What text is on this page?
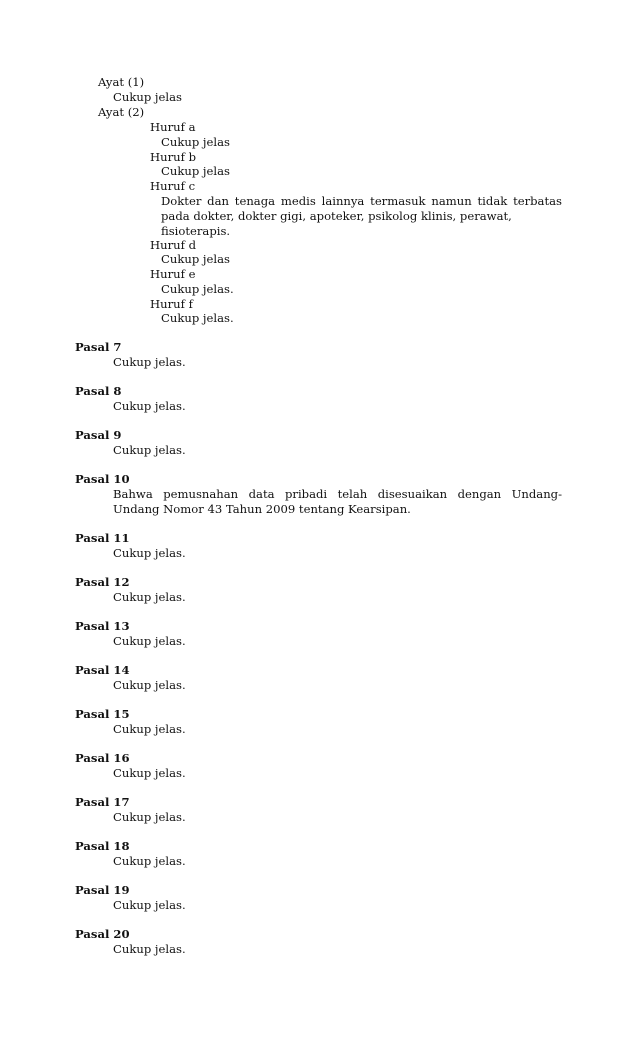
Ayat (1)
Cukup jelas
Ayat (2)
Huruf a
Cukup jelas
Huruf b
Cukup jelas
Huruf c
Dokter dan tenaga medis lainnya termasuk namun tidak terbatas
pada dokter, dokter gigi, apoteker, psikolog klinis, perawat,
fisioterapis.
Huruf d
Cukup jelas
Huruf e
Cukup jelas.
Huruf f
Cukup jelas.
Pasal 7
Cukup jelas.
Pasal 8
Cukup jelas.
Pasal 9
Cukup jelas.
Pasal 10
Bahwa pemusnahan data pribadi telah disesuaikan dengan Undang-
Undang Nomor 43 Tahun 2009 tentang Kearsipan.
Pasal 11
Cukup jelas.
Pasal 12
Cukup jelas.
Pasal 13
Cukup jelas.
Pasal 14
Cukup jelas.
Pasal 15
Cukup jelas.
Pasal 16
Cukup jelas.
Pasal 17
Cukup jelas.
Pasal 18
Cukup jelas.
Pasal 19
Cukup jelas.
Pasal 20
Cukup jelas.
